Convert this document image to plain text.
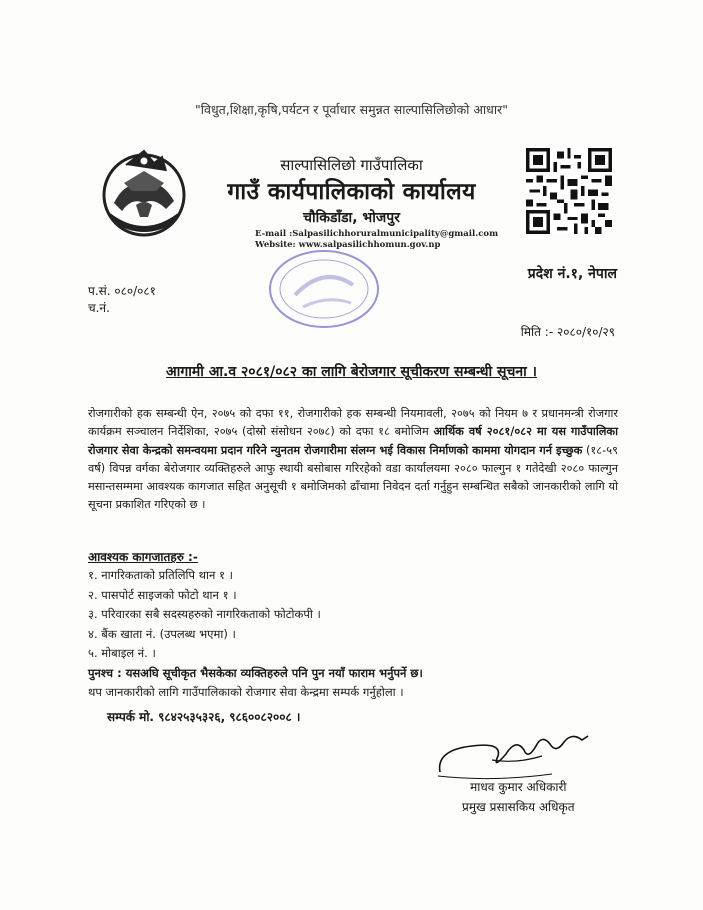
"विधुत,शिक्षा,कृषि,पर्यटन र पूर्वाधार समुन्नत साल्पासिलिछोको आधार"
साल्पासिलिछो गाउँपालिका
गाउँ कार्यपालिकाको कार्यालय
चौकिडाँडा, भोजपुर
E-mail :Salpasilichhoruralmunicipality@gmail.com
Website: www.salpasilichhomun.gov.np
प्रदेश नं.१, नेपाल
प.सं. ०८०/०८१
च.नं.
मिति :- २०८०/१०/२९
आगामी आ.व २०८१/०८२ का लागि बेरोजगार सूचीकरण सम्बन्धी सूचना ।
रोजगारीको हक सम्बन्धी ऐन, २०७५ को दफा ११, रोजगारीको हक सम्बन्धी नियमावली, २०७५ को नियम ७ र प्रधानमन्त्री रोजगार कार्यक्रम सञ्चालन निर्देशिका, २०७५ (दोस्रो संसोधन २०७८) को दफा १८ बमोजिम आर्थिक वर्ष २०८१/०८२ मा यस गाउँपालिका रोजगार सेवा केन्द्रको समन्वयमा प्रदान गरिने न्युनतम रोजगारीमा संलग्न भई विकास निर्माणको काममा योगदान गर्न इच्छुक (१८-५९ वर्ष) विपन्न वर्गका बेरोजगार व्यक्तिहरुले आफु स्थायी बसोबास गरिरहेको वडा कार्यालयमा २०८० फाल्गुन १ गतेदेखी २०८० फाल्गुन मसान्तसम्ममा आवश्यक कागजात सहित अनुसूची १ बमोजिमको ढाँचामा निवेदन दर्ता गर्नुहुन सम्बन्धित सबैको जानकारीको लागि यो सूचना प्रकाशित गरिएको छ ।
आवश्यक कागजातहरु :-
१. नागरिकताको प्रतिलिपि थान १ ।
२. पासपोर्ट साइजको फोटो थान १ ।
३. परिवारका सबै सदस्यहरुको नागरिकताको फोटोकपी ।
४. बैंक खाता नं. (उपलब्ध भएमा) ।
५. मोबाइल नं. ।
पुनश्च : यसअघि सूचीकृत भैसकेका व्यक्तिहरुले पनि पुन नयाँ फाराम भर्नुपर्ने छ।
थप जानकारीको लागि गाउँपालिकाको रोजगार सेवा केन्द्रमा सम्पर्क गर्नुहोला ।
सम्पर्क मो. ९८४२५३५३२६, ९८६००८२००८ ।
माधव कुमार अधिकारी
प्रमुख प्रसासकिय अधिकृत
